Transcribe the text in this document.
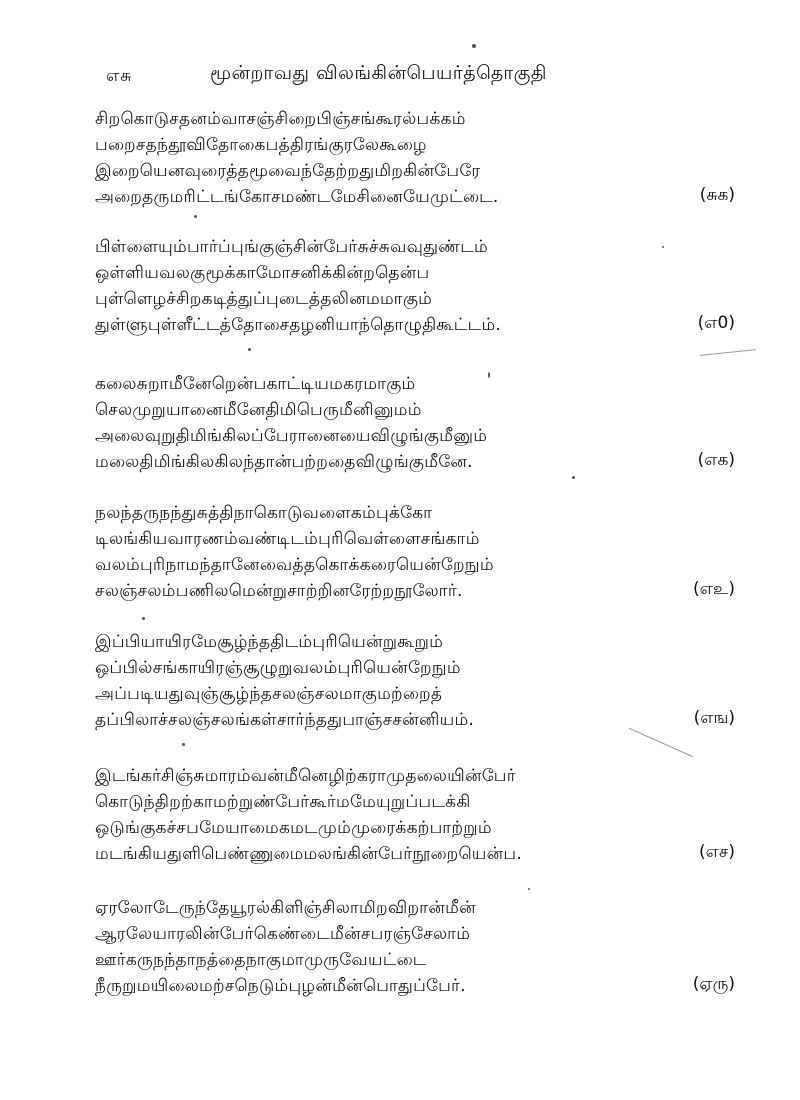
எசு	மூன்றாவது விலங்கின்பெயர்த்தொகுதி
சிறகொடுசதனம்வாசஞ்சிறைபிஞ்சங்கூரல்பக்கம்
பறைசதந்தூவிதோகைபத்திரங்குரலேகூழை
இறையெனவுரைத்தமூவைந்தேற்றதுமிறகின்பேரே
அறைதருமரிட்டங்கோசமண்டமேசினையேமுட்டை.	(சுக)
பிள்ளையும்பார்ப்புங்குஞ்சின்பேர்சுச்சுவவுதுண்டம்
ஒள்ளியவலகுமூக்காமோசனிக்கின்றதென்ப
புள்ளெழச்சிறகடித்துப்புடைத்தலினமமாகும்
துள்ளுபுள்ளீட்டத்தோசைதழனியாந்தொழுதிகூட்டம்.	(எ0)
கலைசுறாமீனேறென்பகாட்டியமகரமாகும்
செலமுறுயானைமீனேதிமிபெருமீனினுமம்
அலைவுறுதிமிங்கிலப்பேரானையைவிழுங்குமீனும்
மலைதிமிங்கிலகிலந்தான்பற்றதைவிழுங்குமீனே.	(எக)
நலந்தருநந்துசுத்திநாகொடுவளைகம்புக்கோ
டிலங்கியவாரணம்வண்டிடம்புரிவெள்ளைசங்காம்
வலம்புரிநாமந்தானேவைத்தகொக்கரையென்றேநும்
சலஞ்சலம்பணிலமென்றுசாற்றினரேற்றநூலோர்.	(எஉ)
இப்பியாயிரமேசூழ்ந்ததிடம்புரியென்றுகூறும்
ஒப்பில்சங்காயிரஞ்சூழுறுவலம்புரியென்றேநும்
அப்படியதுவுஞ்சூழ்ந்தசலஞ்சலமாகுமற்றைத்
தப்பிலாச்சலஞ்சலங்கள்சார்ந்ததுபாஞ்சசன்னியம்.	(எங)
இடங்கர்சிஞ்சுமாரம்வன்மீனெழிற்கராமுதலையின்பேர்
கொடுந்திறற்காமற்றுண்பேர்கூர்மமேயுறுப்படக்கி
ஒடுங்குகச்சபமேயாமைகமடமும்முரைக்கற்பாற்றும்
மடங்கியதுளிபெண்ணுமைமலங்கின்பேர்நூறையென்ப.	(எச)
ஏரலோடேருந்தேயூரல்கிளிஞ்சிலாமிறவிறான்மீன்
ஆரலேயாரலின்பேர்கெண்டைமீன்சபரஞ்சேலாம்
ஊர்கருநந்தாநத்தைநாகுமாமுருவேயட்டை
நீருறுமயிலைமற்சநெடும்புழன்மீன்பொதுப்பேர்.	(ஏரு)
